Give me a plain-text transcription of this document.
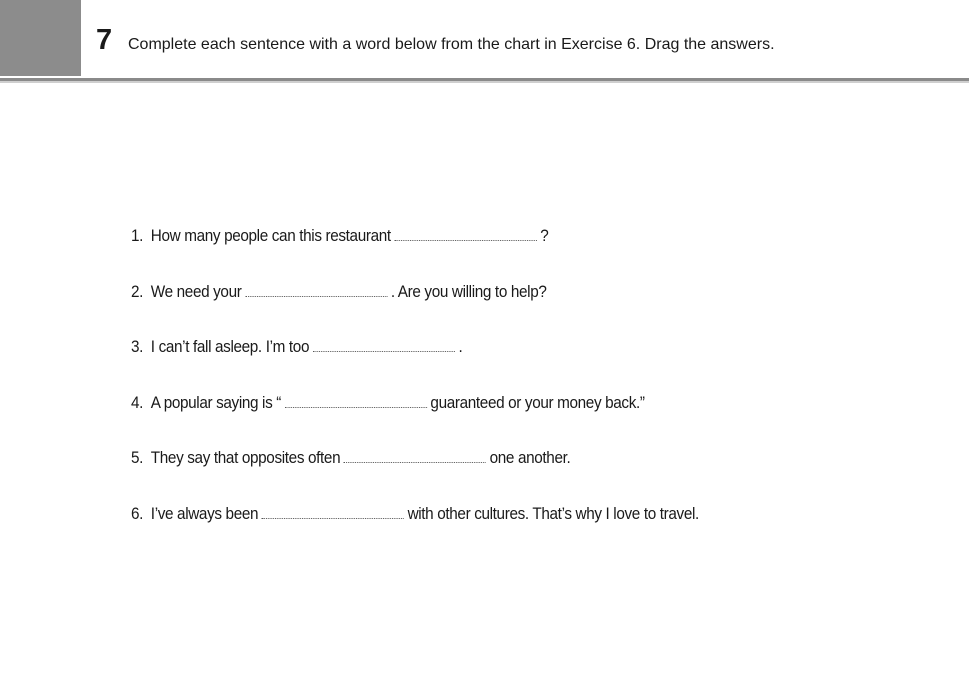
7 Complete each sentence with a word below from the chart in Exercise 6. Drag the answers.
1. How many people can this restaurant	?
2. We need your	. Are you willing to help?
3. I can’t fall asleep. I’m too	.
4. A popular saying is “	guaranteed or your money back.”
5. They say that opposites often	one another.
6. I’ve always been	with other cultures. That’s why I love to travel.
